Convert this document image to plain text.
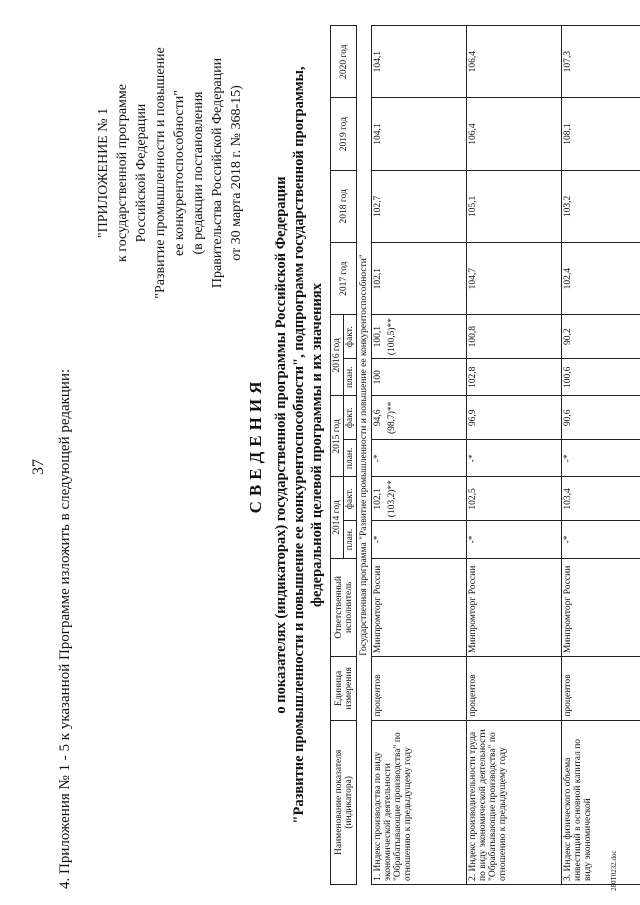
37 4. Приложения № 1 - 5 к указанной Программе изложить в следующей редакции:
"ПРИЛОЖЕНИЕ № 1 к государственной программе Российской Федерации "Развитие промышленности и повышение ее конкурентоспособности" (в редакции постановления Правительства Российской Федерации от 30 марта 2018 г. № 368-15)
СВЕДЕНИЯ о показателях (индикаторах) государственной программы Российской Федерации "Развитие промышленности и повышение ее конкурентоспособности", подпрограмм государственной программы, федеральной целевой программы и их значениях
Наименование показателя (индикатора)	Единица измерения	Ответственный исполнитель	2014 год		2015 год		2016 год		2017 год	2018 год	2019 год	2020 год
			план.	факт.	план.	факт.	план.	факт.				
Государственная программа "Развитие промышленности и повышение ее конкурентоспособности"												
1. Индекс производства по виду экономической деятельности "Обрабатывающие производства" по отношению к предыдущему году	процентов	Минпромторг России	-*	102,1 (103,2)**	-*	94,6 (98,7)**	100	100,1 (100,5)**	102,1	102,7	104,1	104,1
2. Индекс производительности труда по виду экономической деятельности "Обрабатывающие производства" по отношению к предыдущему году	процентов	Минпромторг России	-*	102,5	-*	96,9	102,8	100,8	104,7	105,1	106,4	106,4
3. Индекс физического объема инвестиций в основной капитал по виду экономической	процентов	Минпромторг России	-*	103,4	-*	90,6	100,6	90,2	102,4	103,2	108,1	107,3
280Т0232.doc
